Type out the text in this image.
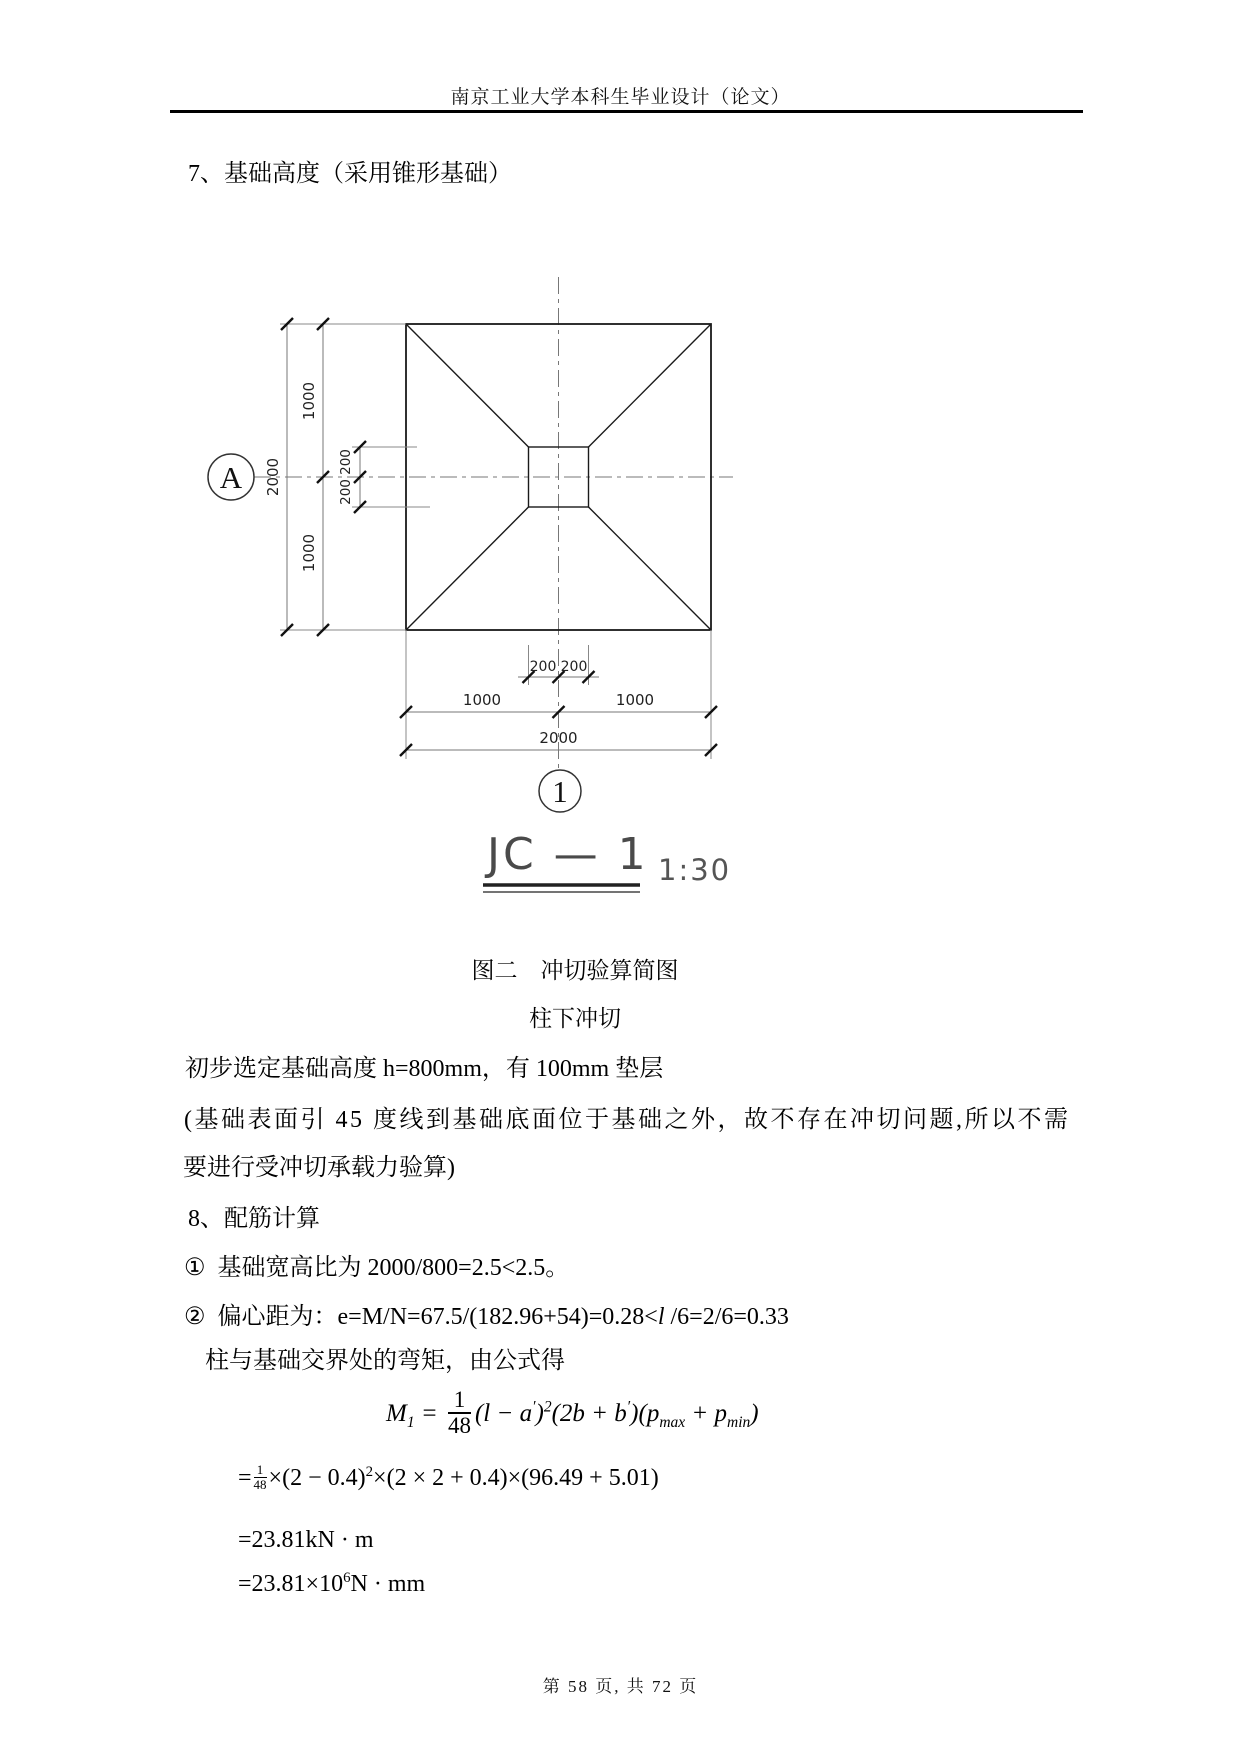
南京工业大学本科生毕业设计（论文）
7、基础高度（采用锥形基础）
1000
1000
2000	200
200
200 200
1000	1000
2000
A
1
JC — 1 1:30
图二　冲切验算简图
柱下冲切
初步选定基础高度 h=800mm，有 100mm 垫层
(基础表面引 45 度线到基础底面位于基础之外，故不存在冲切问题,所以不需
要进行受冲切承载力验算)
8、配筋计算
① 基础宽高比为 2000/800=2.5<2.5。
② 偏心距为：e=M/N=67.5/(182.96+54)=0.28<l /6=2/6=0.33
柱与基础交界处的弯矩，由公式得
$M_1 = \frac{1}{48} (l - a')^2(2b + b')(p_{max} + p_{min})$
= $\frac{1}{48} \times(2 - 0.4)^2\times(2 \times 2 + 0.4)\times(96.49 + 5.01)$
=23.81kN · m
$=23.81\times 10^6N$ · mm
第 58 页, 共 72 页
